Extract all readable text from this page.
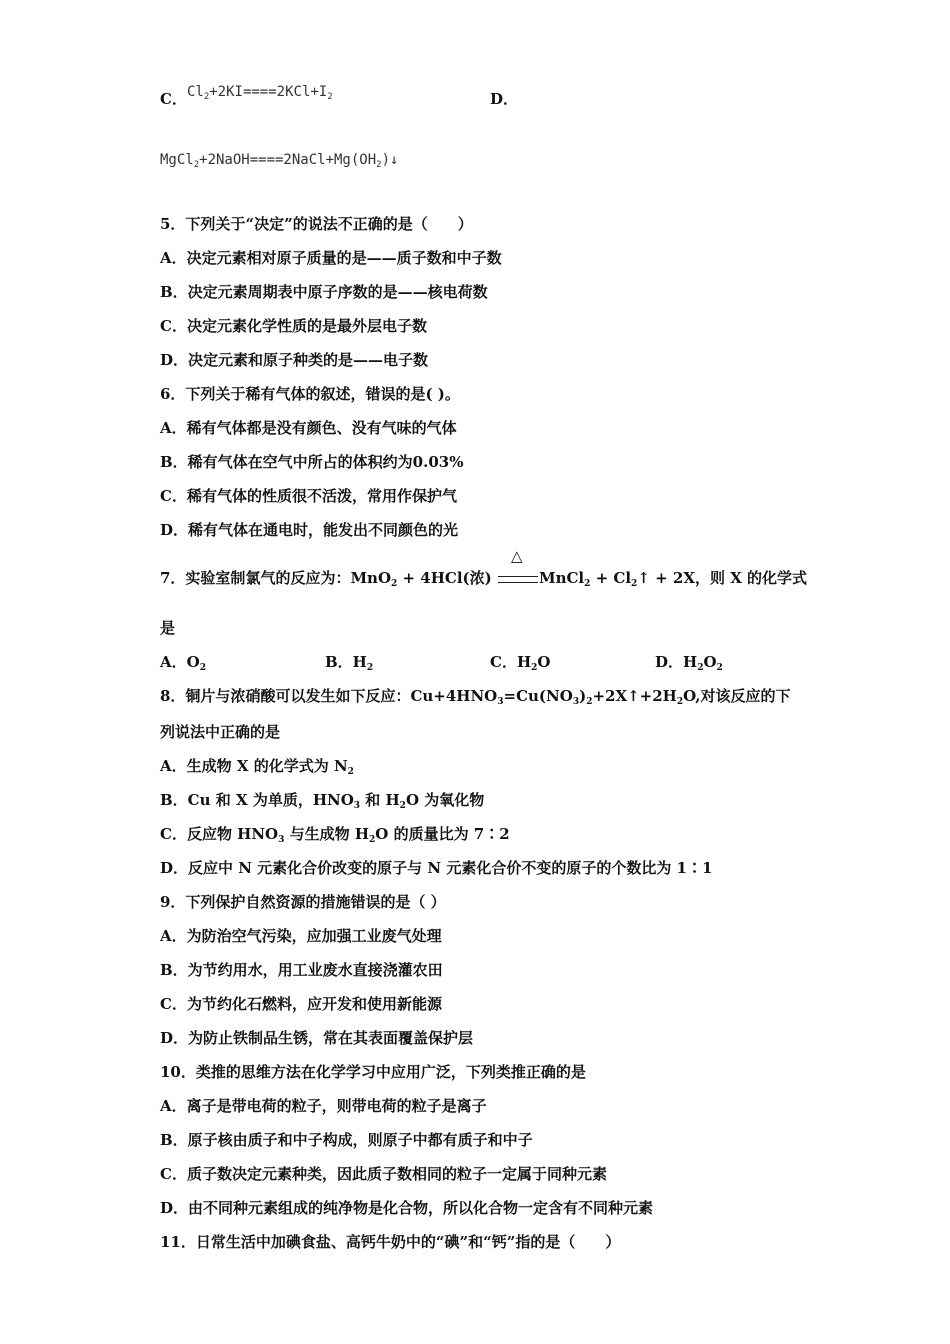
C．$Cl_2+2KI====2KCl+I_2$	D．
$MgCl_2+2NaOH====2NaCl+Mg(OH_2)↓$
5．下列关于“决定”的说法不正确的是（　　）
A．决定元素相对原子质量的是——质子数和中子数
B．决定元素周期表中原子序数的是——核电荷数
C．决定元素化学性质的是最外层电子数
D．决定元素和原子种类的是——电子数
6．下列关于稀有气体的叙述，错误的是( )。
A．稀有气体都是没有颜色、没有气味的气体
B．稀有气体在空气中所占的体积约为0.03%
C．稀有气体的性质很不活泼，常用作保护气
D．稀有气体在通电时，能发出不同颜色的光
7．实验室制氯气的反应为：MnO$_2$ + 4HCl(浓)
△
MnCl$_2$ + $Cl_2↑ + 2X$，则 X 的化学式
是
A．$O_2$	B．$H_2$	C．$H_2O$	D．$H_2O_2$
8．铜片与浓硝酸可以发生如下反应：$Cu+4HNO_3=Cu(NO_3)_2+2X↑+2H_2O$,对该反应的下
列说法中正确的是
A．生成物 X 的化学式为 $N_2$
B．Cu 和 X 为单质，$HNO_3$ 和 $H_2O$ 为氧化物
C．反应物 $HNO_3$ 与生成物 $H_2O$ 的质量比为 7∶2
D．反应中 N 元素化合价改变的原子与 N 元素化合价不变的原子的个数比为 1∶1
9．下列保护自然资源的措施错误的是（ ）
A．为防治空气污染，应加强工业废气处理
B．为节约用水，用工业废水直接浇灌农田
C．为节约化石燃料，应开发和使用新能源
D．为防止铁制品生锈，常在其表面覆盖保护层
10．类推的思维方法在化学学习中应用广泛，下列类推正确的是
A．离子是带电荷的粒子，则带电荷的粒子是离子
B．原子核由质子和中子构成，则原子中都有质子和中子
C．质子数决定元素种类，因此质子数相同的粒子一定属于同种元素
D．由不同种元素组成的纯净物是化合物，所以化合物一定含有不同种元素
11．日常生活中加碘食盐、高钙牛奶中的“碘”和“钙”指的是（　　）
